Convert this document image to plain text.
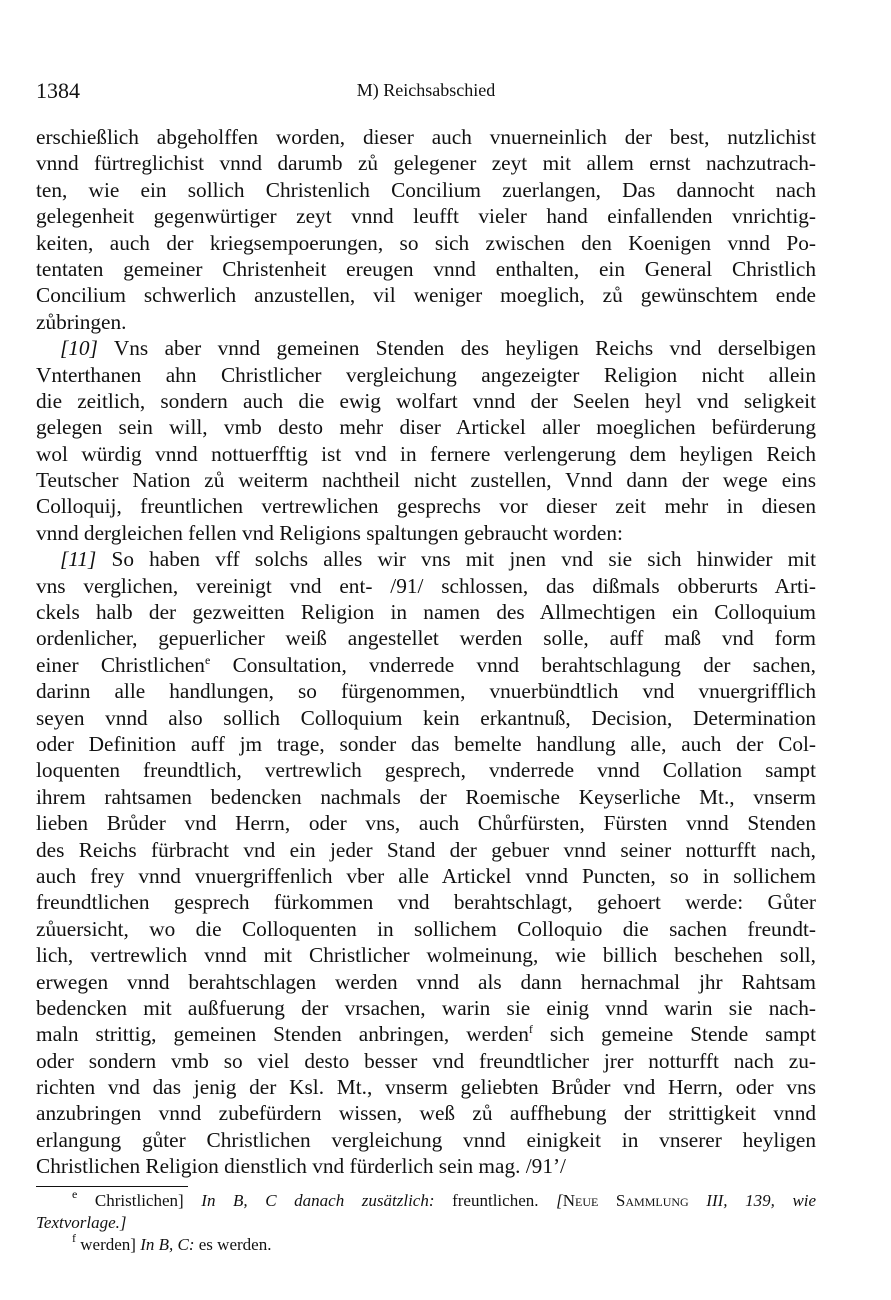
1384	M) Reichsabschied
erschießlich abgeholffen worden, dieser auch vnuerneinlich der best, nutzlichist
vnnd fürtreglichist vnnd darumb zů gelegener zeyt mit allem ernst nachzutrach-
ten, wie ein sollich Christenlich Concilium zuerlangen, Das dannocht nach
gelegenheit gegenwürtiger zeyt vnnd leufft vieler hand einfallenden vnrichtig-
keiten, auch der kriegsempoerungen, so sich zwischen den Koenigen vnnd Po-
tentaten gemeiner Christenheit ereugen vnnd enthalten, ein General Christlich
Concilium schwerlich anzustellen, vil weniger moeglich, zů gewünschtem ende
zůbringen.
[10] Vns aber vnnd gemeinen Stenden des heyligen Reichs vnd derselbigen
Vnterthanen ahn Christlicher vergleichung angezeigter Religion nicht allein
die zeitlich, sondern auch die ewig wolfart vnnd der Seelen heyl vnd seligkeit
gelegen sein will, vmb desto mehr diser Artickel aller moeglichen befürderung
wol würdig vnnd nottuerfftig ist vnd in fernere verlengerung dem heyligen Reich
Teutscher Nation zů weiterm nachtheil nicht zustellen, Vnnd dann der wege eins
Colloquij, freuntlichen vertrewlichen gesprechs vor dieser zeit mehr in diesen
vnnd dergleichen fellen vnd Religions spaltungen gebraucht worden:
[11] So haben vff solchs alles wir vns mit jnen vnd sie sich hinwider mit
vns verglichen, vereinigt vnd ent- /91/ schlossen, das dißmals obberurts Arti-
ckels halb der gezweitten Religion in namen des Allmechtigen ein Colloquium
ordenlicher, gepuerlicher weiß angestellet werden solle, auff maß vnd form
einer Christlichen$^e$ Consultation, vnderrede vnnd berahtschlagung der sachen,
darinn alle handlungen, so fürgenommen, vnuerbündtlich vnd vnuergrifflich
seyen vnnd also sollich Colloquium kein erkantnuß, Decision, Determination
oder Definition auff jm trage, sonder das bemelte handlung alle, auch der Col-
loquenten freundtlich, vertrewlich gesprech, vnderrede vnnd Collation sampt
ihrem rahtsamen bedencken nachmals der Roemische Keyserliche Mt., vnserm
lieben Brůder vnd Herrn, oder vns, auch Chůrfürsten, Fürsten vnnd Stenden
des Reichs fürbracht vnd ein jeder Stand der gebuer vnnd seiner notturfft nach,
auch frey vnnd vnuergriffenlich vber alle Artickel vnnd Puncten, so in sollichem
freundtlichen gesprech fürkommen vnd berahtschlagt, gehoert werde: Gůter
zůuersicht, wo die Colloquenten in sollichem Colloquio die sachen freundt-
lich, vertrewlich vnnd mit Christlicher wolmeinung, wie billich beschehen soll,
erwegen vnnd berahtschlagen werden vnnd als dann hernachmal jhr Rahtsam
bedencken mit außfuerung der vrsachen, warin sie einig vnnd warin sie nach-
maln strittig, gemeinen Stenden anbringen, werden$^f$ sich gemeine Stende sampt
oder sondern vmb so viel desto besser vnd freundtlicher jrer notturfft nach zu-
richten vnd das jenig der Ksl. Mt., vnserm geliebten Brůder vnd Herrn, oder vns
anzubringen vnnd zubefürdern wissen, weß zů auffhebung der strittigkeit vnnd
erlangung gůter Christlichen vergleichung vnnd einigkeit in vnserer heyligen
Christlichen Religion dienstlich vnd fürderlich sein mag. /91’/
$^e$ Christlichen] In B, C danach zusätzlich: freuntlichen. [Neue Sammlung III, 139, wie
Textvorlage.]
$^f$ werden] In B, C: es werden.
